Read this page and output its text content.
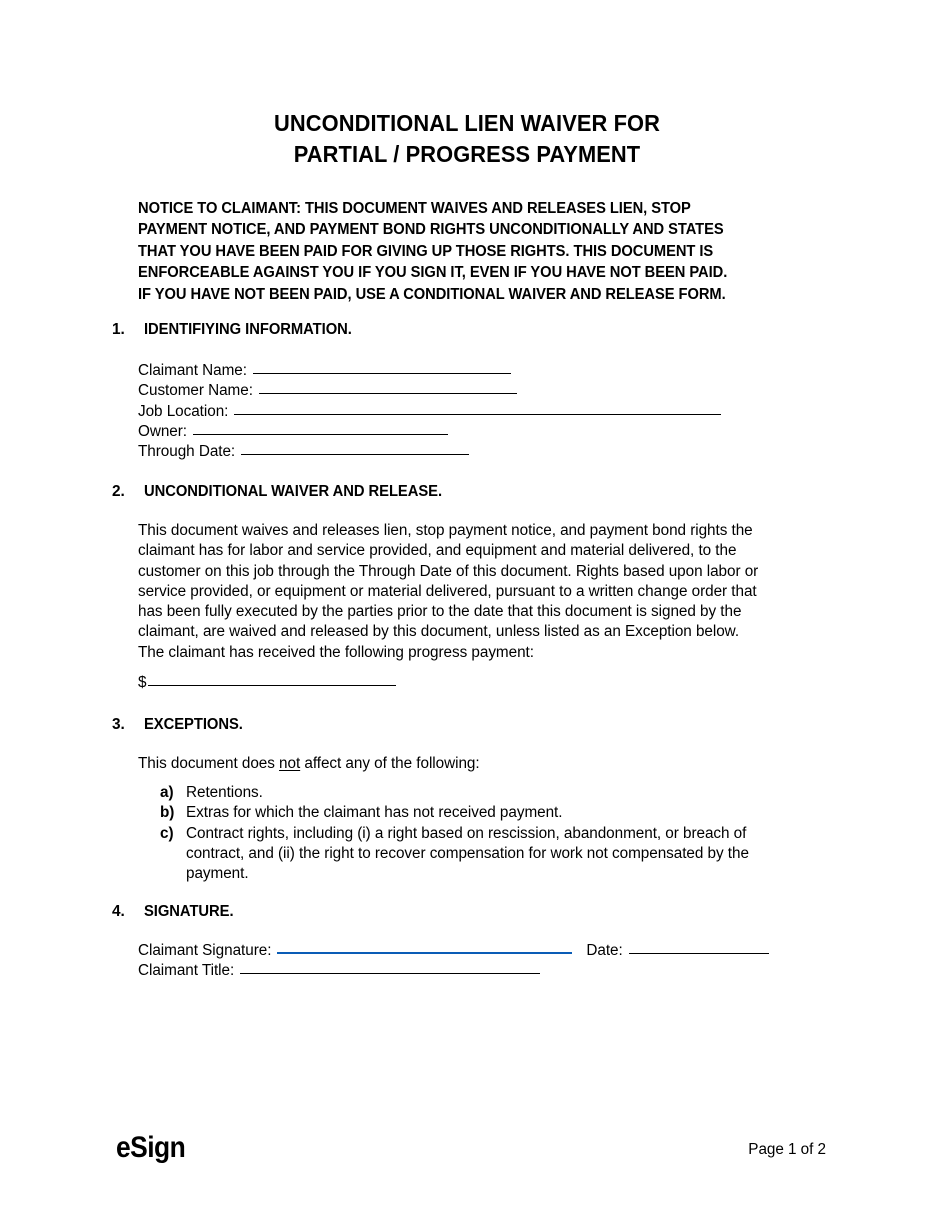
UNCONDITIONAL LIEN WAIVER FOR
PARTIAL / PROGRESS PAYMENT
NOTICE TO CLAIMANT: THIS DOCUMENT WAIVES AND RELEASES LIEN, STOP
PAYMENT NOTICE, AND PAYMENT BOND RIGHTS UNCONDITIONALLY AND STATES
THAT YOU HAVE BEEN PAID FOR GIVING UP THOSE RIGHTS. THIS DOCUMENT IS
ENFORCEABLE AGAINST YOU IF YOU SIGN IT, EVEN IF YOU HAVE NOT BEEN PAID.
IF YOU HAVE NOT BEEN PAID, USE A CONDITIONAL WAIVER AND RELEASE FORM.
1.	IDENTIFIYING INFORMATION.
Claimant Name:
Customer Name:
Job Location:
Owner:
Through Date:
2.	UNCONDITIONAL WAIVER AND RELEASE.
This document waives and releases lien, stop payment notice, and payment bond rights the
claimant has for labor and service provided, and equipment and material delivered, to the
customer on this job through the Through Date of this document. Rights based upon labor or
service provided, or equipment or material delivered, pursuant to a written change order that
has been fully executed by the parties prior to the date that this document is signed by the
claimant, are waived and released by this document, unless listed as an Exception below.
The claimant has received the following progress payment:
$
3.	EXCEPTIONS.
This document does not affect any of the following:
a) Retentions.
b) Extras for which the claimant has not received payment.
c) Contract rights, including (i) a right based on rescission, abandonment, or breach of
contract, and (ii) the right to recover compensation for work not compensated by the
payment.
4.	SIGNATURE.
Claimant Signature:	Date:
Claimant Title:
eSign	Page 1 of 2
